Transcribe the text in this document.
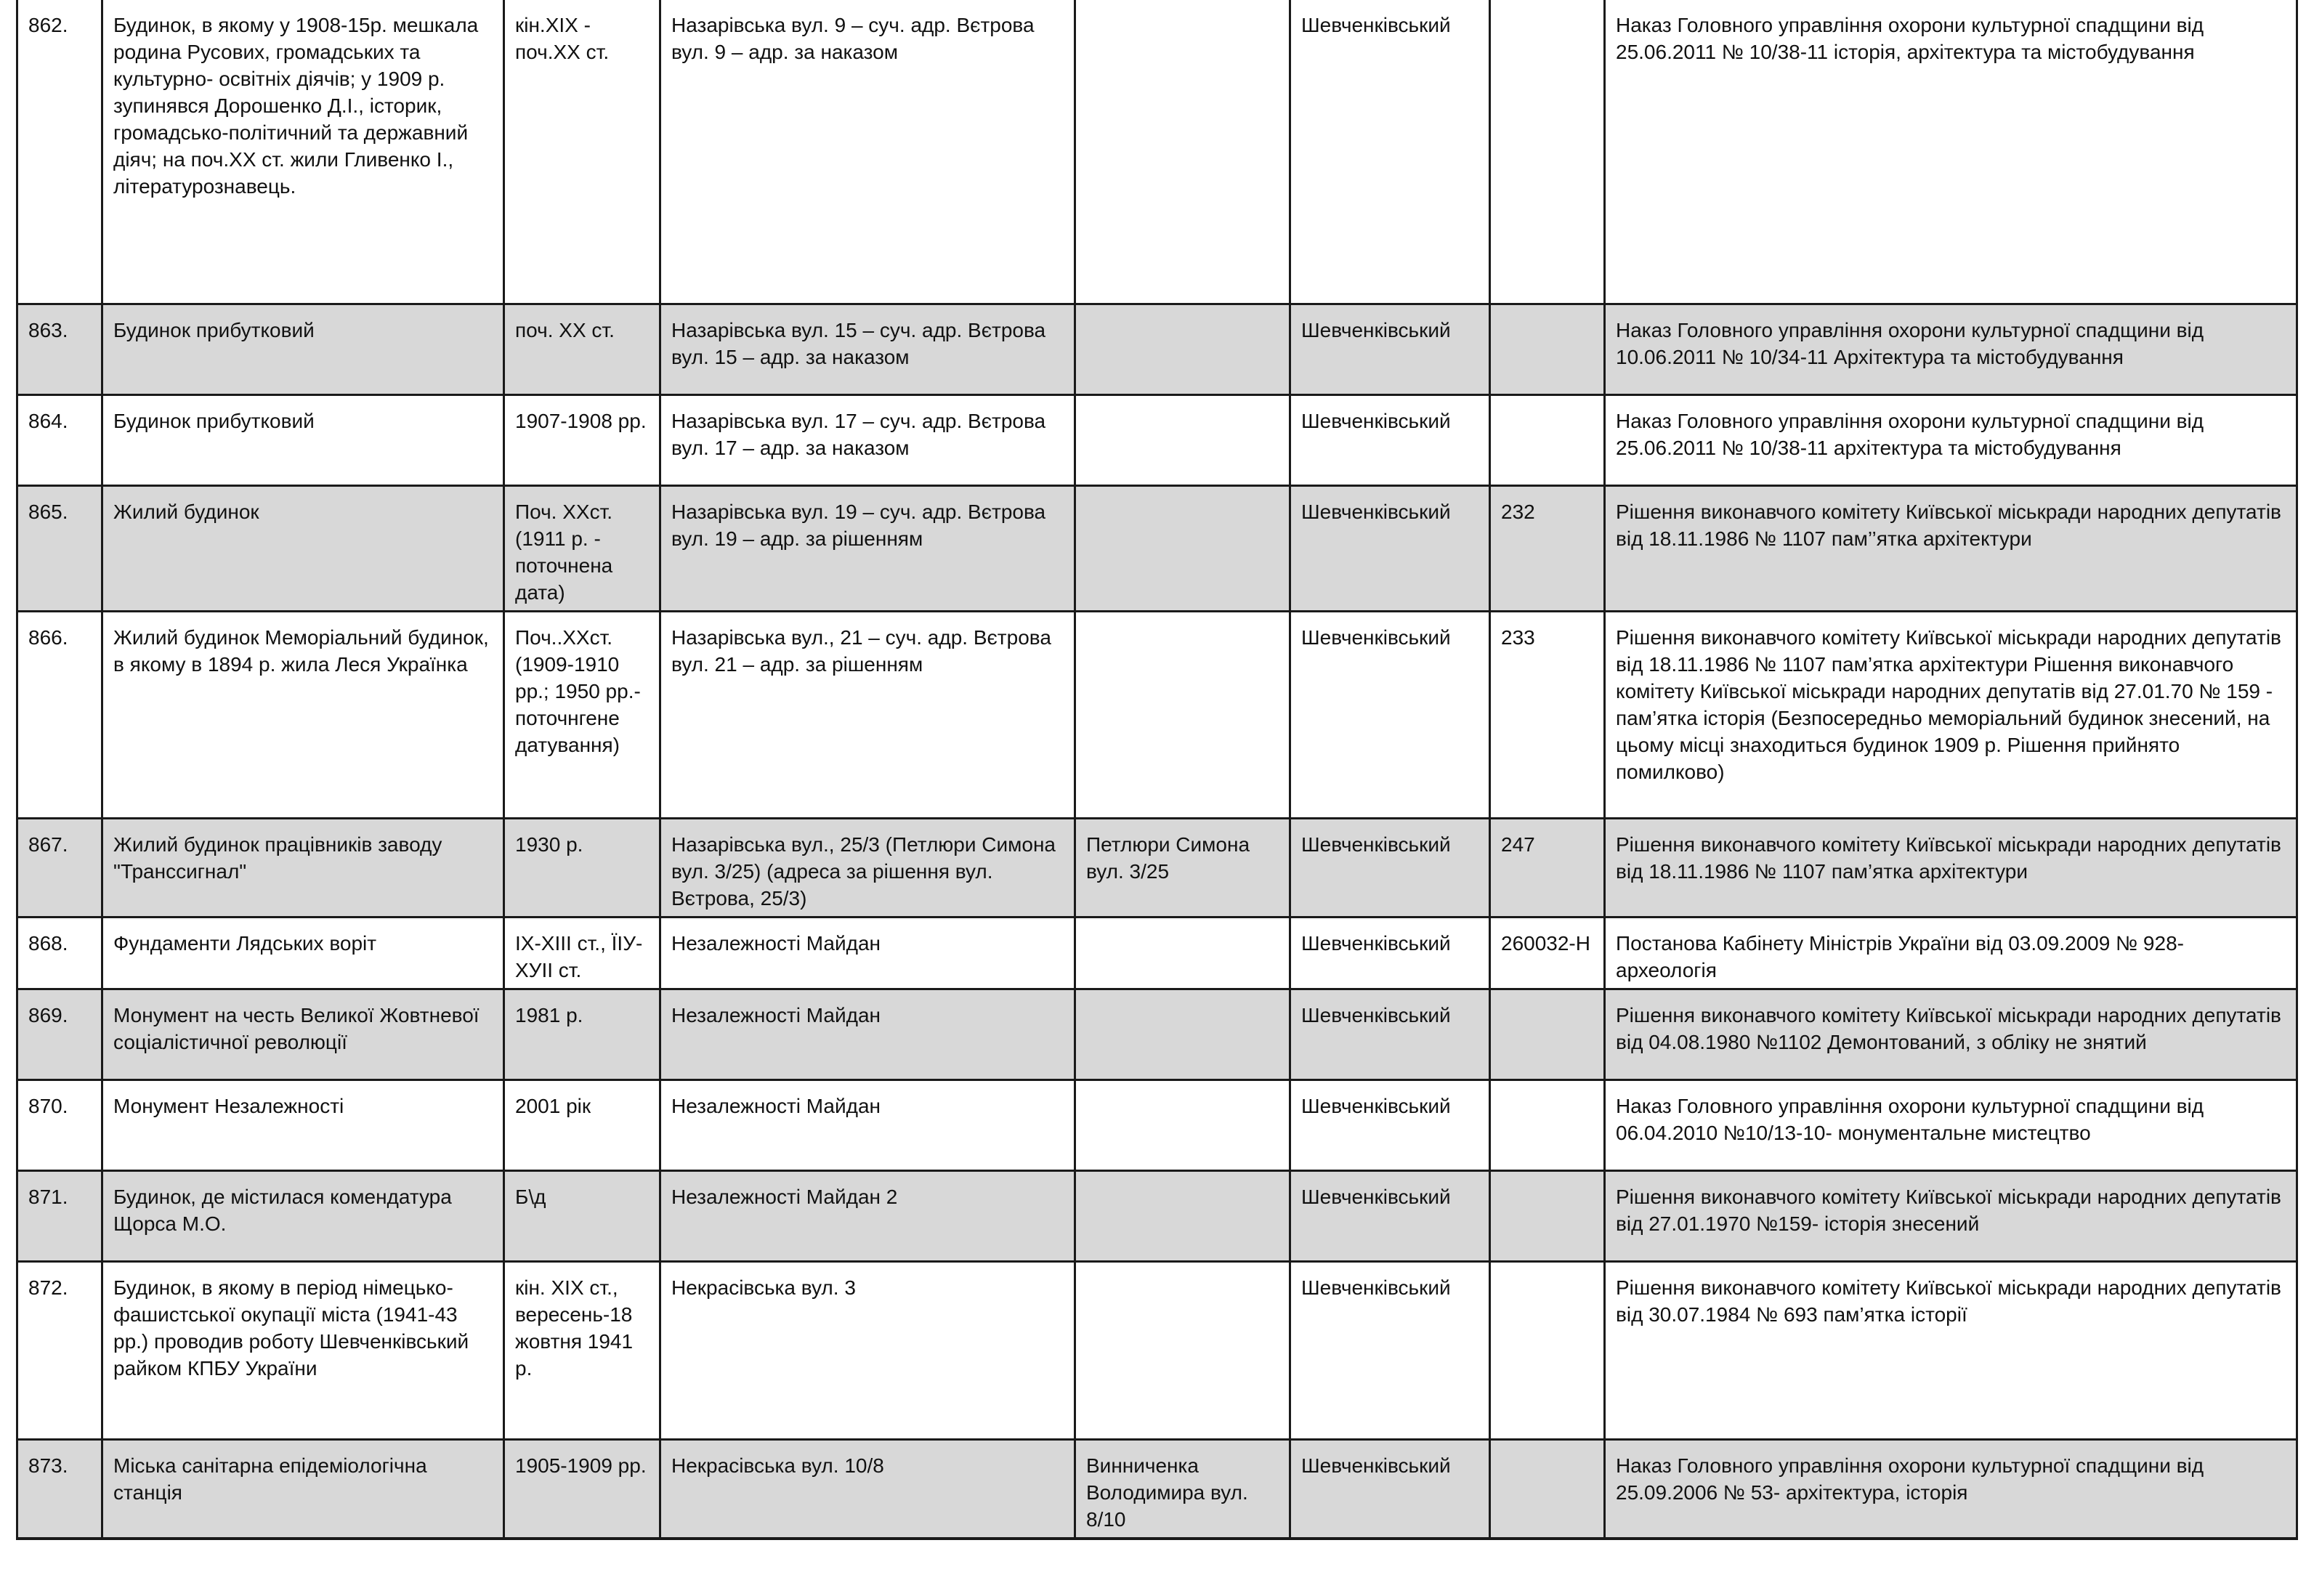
862.	Будинок, в якому у 1908-15р. мешкала родина Русових, громадських та культурно- освітніх діячів; у 1909 р. зупинявся Дорошенко Д.І., історик, громадсько-політичний та державний діяч; на поч.ХХ ст. жили Гливенко І., літературознавець.	кін.ХІХ - поч.ХХ ст.	Назарівська вул. 9 – суч. адр. Вєтрова вул. 9 – адр. за наказом		Шевченківський		Наказ Головного управління охорони культурної спадщини від 25.06.2011 № 10/38-11 історія, архітектура та містобудування
863.	Будинок прибутковий	поч. ХХ ст.	Назарівська вул. 15 – суч. адр. Вєтрова вул. 15 – адр. за наказом		Шевченківський		Наказ Головного управління охорони культурної спадщини від 10.06.2011 № 10/34-11 Архітектура та містобудування
864.	Будинок прибутковий	1907-1908 рр.	Назарівська вул. 17 – суч. адр. Вєтрова вул. 17 – адр. за наказом		Шевченківський		Наказ Головного управління охорони культурної спадщини від 25.06.2011 № 10/38-11 архітектура та містобудування
865.	Жилий будинок	Поч. ХХст. (1911 р. - поточнена дата)	Назарівська вул. 19 – суч. адр. Вєтрова вул. 19 – адр. за рішенням		Шевченківський	232	Рішення виконавчого комітету Київської міськради народних депутатів від 18.11.1986 № 1107 пам’’ятка архітектури
866.	Жилий будинок Меморіальний будинок, в якому в 1894 р. жила Леся Українка	Поч..ХХст. (1909-1910 рр.; 1950 рр.- поточнгене датування)	Назарівська вул., 21 – суч. адр. Вєтрова вул. 21 – адр. за рішенням		Шевченківський	233	Рішення виконавчого комітету Київської міськради народних депутатів від 18.11.1986 № 1107 пам’ятка архітектури Рішення виконавчого комітету Київської міськради народних депутатів від 27.01.70 № 159 - пам’ятка історія (Безпосередньо меморіальний будинок знесений, на цьому місці знаходиться будинок 1909 р. Рішення прийнято помилково)
867.	Жилий будинок працівників заводу "Транссигнал"	1930 р.	Назарівська вул., 25/3 (Петлюри Симона вул. 3/25) (адреса за рішення вул. Вєтрова, 25/3)	Петлюри Симона вул. 3/25	Шевченківський	247	Рішення виконавчого комітету Київської міськради народних депутатів від 18.11.1986 № 1107 пам’ятка архітектури
868.	Фундаменти Лядських воріт	ІХ-ХІІІ ст., ЇІУ-ХУІІ ст.	Незалежності Майдан		Шевченківський	260032-Н	Постанова Кабінету Міністрів України від 03.09.2009 № 928- археологія
869.	Монумент на честь Великої Жовтневої соціалістичної революції	1981 р.	Незалежності Майдан		Шевченківський		Рішення виконавчого комітету Київської міськради народних депутатів від 04.08.1980 №1102 Демонтований, з обліку не знятий
870.	Монумент Незалежності	2001 рік	Незалежності Майдан		Шевченківський		Наказ Головного управління охорони культурної спадщини від 06.04.2010 №10/13-10- монументальне мистецтво
871.	Будинок, де містилася комендатура Щорса М.О.	Б\д	Незалежності Майдан 2		Шевченківський		Рішення виконавчого комітету Київської міськради народних депутатів від 27.01.1970 №159- історія знесений
872.	Будинок, в якому в період німецько-фашистської окупації міста (1941-43 рр.) проводив роботу Шевченківський райком КПБУ України	кін. ХІХ ст., вересень-18 жовтня 1941 р.	Некрасівська вул. 3		Шевченківський		Рішення виконавчого комітету Київської міськради народних депутатів від 30.07.1984 № 693 пам’ятка історії
873.	Міська санітарна епідеміологічна станція	1905-1909 рр.	Некрасівська вул. 10/8	Винниченка Володимира вул. 8/10	Шевченківський		Наказ Головного управління охорони культурної спадщини від 25.09.2006 № 53- архітектура, історія
